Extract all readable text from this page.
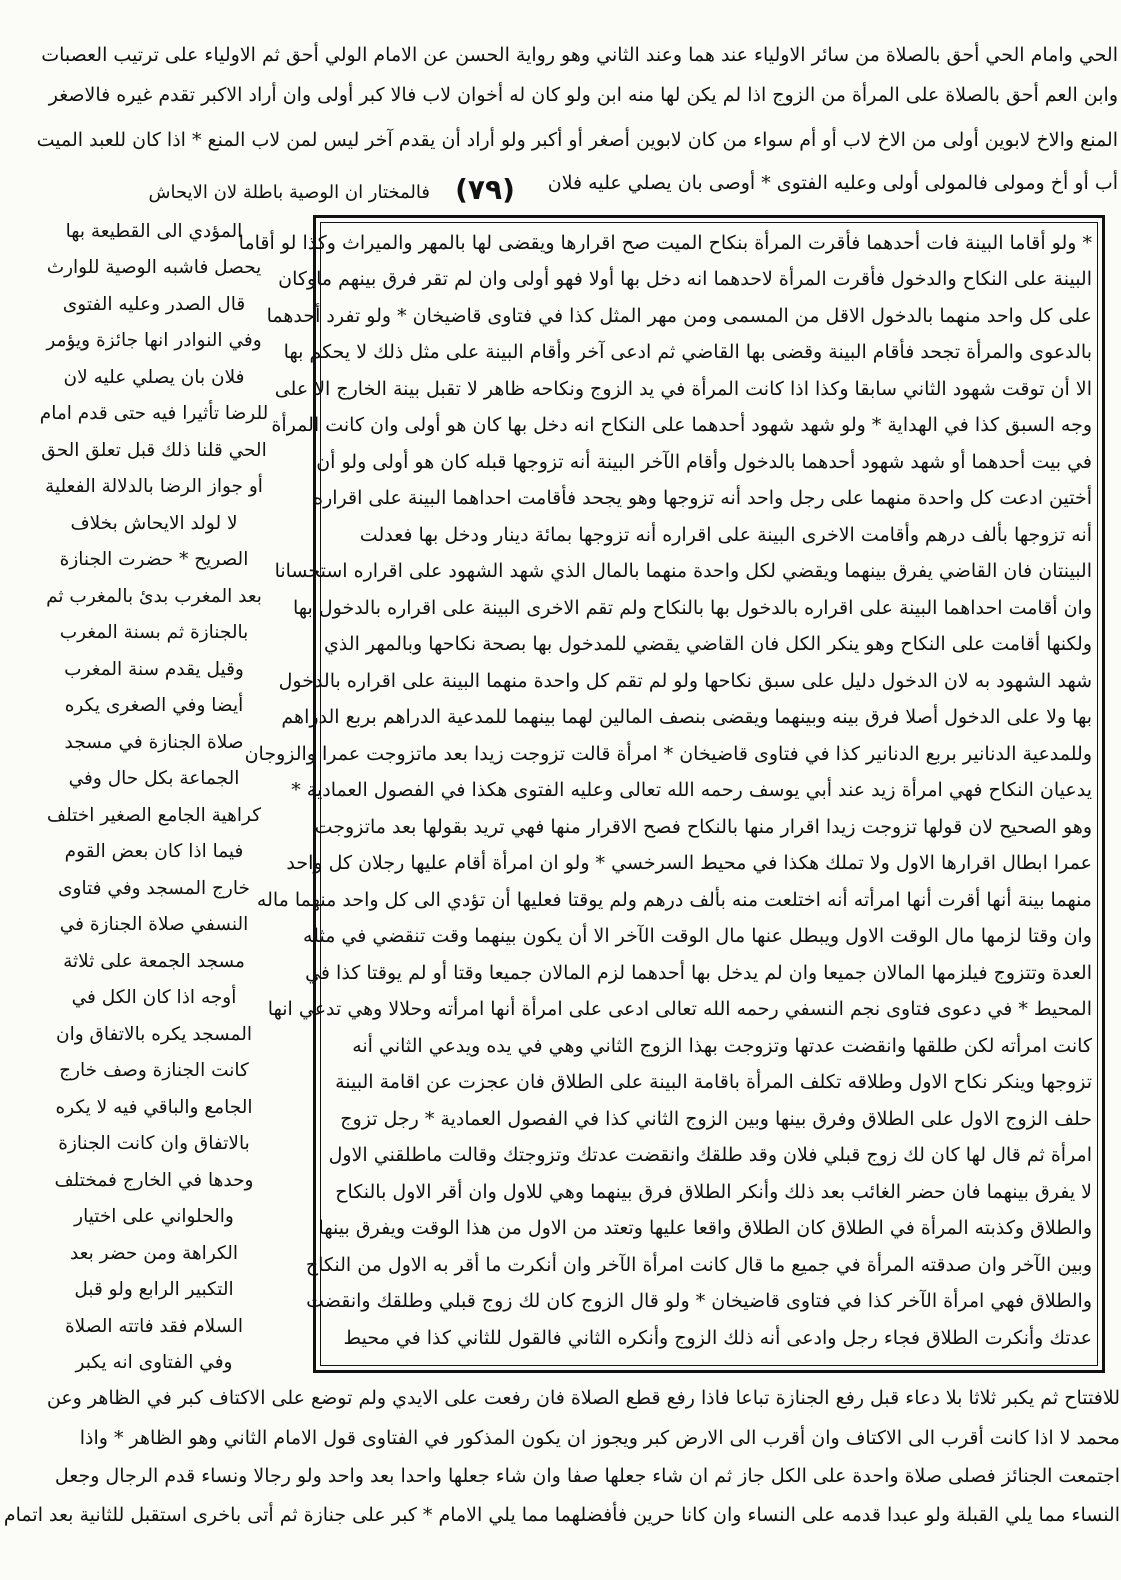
الحي وامام الحي أحق بالصلاة من سائر الاولياء عند هما وعند الثاني وهو رواية الحسن عن الامام الولي أحق ثم الاولياء على ترتيب العصبات
وابن العم أحق بالصلاة على المرأة من الزوج اذا لم يكن لها منه ابن ولو كان له أخوان لاب فالا كبر أولى وان أراد الاكبر تقدم غيره فالاصغر
المنع والاخ لابوين أولى من الاخ لاب أو أم سواء من كان لابوين أصغر أو أكبر ولو أراد أن يقدم آخر ليس لمن لاب المنع * اذا كان للعبد الميت
أب أو أخ ومولى فالمولى أولى وعليه الفتوى * أوصى بان يصلي عليه فلان
(٧٩)
فالمختار ان الوصية باطلة لان الايحاش
* ولو أقاما البينة فات أحدهما فأقرت المرأة بنكاح الميت صح اقرارها ويقضى لها بالمهر والميراث وكذا لو أقاما
البينة على النكاح والدخول فأقرت المرأة لاحدهما انه دخل بها أولا فهو أولى وان لم تقر فرق بينهم ماوكان
على كل واحد منهما بالدخول الاقل من المسمى ومن مهر المثل كذا في فتاوى قاضيخان * ولو تفرد أحدهما
بالدعوى والمرأة تجحد فأقام البينة وقضى بها القاضي ثم ادعى آخر وأقام البينة على مثل ذلك لا يحكم بها
الا أن توقت شهود الثاني سابقا وكذا اذا كانت المرأة في يد الزوج ونكاحه ظاهر لا تقبل بينة الخارج الا على
وجه السبق كذا في الهداية * ولو شهد شهود أحدهما على النكاح انه دخل بها كان هو أولى وان كانت المرأة
في بيت أحدهما أو شهد شهود أحدهما بالدخول وأقام الآخر البينة أنه تزوجها قبله كان هو أولى ولو أن
أختين ادعت كل واحدة منهما على رجل واحد أنه تزوجها وهو يجحد فأقامت احداهما البينة على اقراره
أنه تزوجها بألف درهم وأقامت الاخرى البينة على اقراره أنه تزوجها بمائة دينار ودخل بها فعدلت
البينتان فان القاضي يفرق بينهما ويقضي لكل واحدة منهما بالمال الذي شهد الشهود على اقراره استحسانا
وان أقامت احداهما البينة على اقراره بالدخول بها بالنكاح ولم تقم الاخرى البينة على اقراره بالدخول بها
ولكنها أقامت على النكاح وهو ينكر الكل فان القاضي يقضي للمدخول بها بصحة نكاحها وبالمهر الذي
شهد الشهود به لان الدخول دليل على سبق نكاحها ولو لم تقم كل واحدة منهما البينة على اقراره بالدخول
بها ولا على الدخول أصلا فرق بينه وبينهما ويقضى بنصف المالين لهما بينهما للمدعية الدراهم بربع الدراهم
وللمدعية الدنانير بربع الدنانير كذا في فتاوى قاضيخان * امرأة قالت تزوجت زيدا بعد ماتزوجت عمرا والزوجان
يدعيان النكاح فهي امرأة زيد عند أبي يوسف رحمه الله تعالى وعليه الفتوى هكذا في الفصول العمادية *
وهو الصحيح لان قولها تزوجت زيدا اقرار منها بالنكاح فصح الاقرار منها فهي تريد بقولها بعد ماتزوجت
عمرا ابطال اقرارها الاول ولا تملك هكذا في محيط السرخسي * ولو ان امرأة أقام عليها رجلان كل واحد
منهما بينة أنها أقرت أنها امرأته أنه اختلعت منه بألف درهم ولم يوقتا فعليها أن تؤدي الى كل واحد منهما ماله
وان وقتا لزمها مال الوقت الاول ويبطل عنها مال الوقت الآخر الا أن يكون بينهما وقت تنقضي في مثله
العدة وتتزوج فيلزمها المالان جميعا وان لم يدخل بها أحدهما لزم المالان جميعا وقتا أو لم يوقتا كذا في
المحيط * في دعوى فتاوى نجم النسفي رحمه الله تعالى ادعى على امرأة أنها امرأته وحلالا وهي تدعي انها
كانت امرأته لكن طلقها وانقضت عدتها وتزوجت بهذا الزوج الثاني وهي في يده ويدعي الثاني أنه
تزوجها وينكر نكاح الاول وطلاقه تكلف المرأة باقامة البينة على الطلاق فان عجزت عن اقامة البينة
حلف الزوج الاول على الطلاق وفرق بينها وبين الزوج الثاني كذا في الفصول العمادية * رجل تزوج
امرأة ثم قال لها كان لك زوج قبلي فلان وقد طلقك وانقضت عدتك وتزوجتك وقالت ماطلقني الاول
لا يفرق بينهما فان حضر الغائب بعد ذلك وأنكر الطلاق فرق بينهما وهي للاول وان أقر الاول بالنكاح
والطلاق وكذبته المرأة في الطلاق كان الطلاق واقعا عليها وتعتد من الاول من هذا الوقت ويفرق بينها
وبين الآخر وان صدقته المرأة في جميع ما قال كانت امرأة الآخر وان أنكرت ما أقر به الاول من النكاح
والطلاق فهي امرأة الآخر كذا في فتاوى قاضيخان * ولو قال الزوج كان لك زوج قبلي وطلقك وانقضت
عدتك وأنكرت الطلاق فجاء رجل وادعى أنه ذلك الزوج وأنكره الثاني فالقول للثاني كذا في محيط
المؤدي الى القطيعة بها
يحصل فاشبه الوصية للوارث
قال الصدر وعليه الفتوى
وفي النوادر انها جائزة ويؤمر
فلان بان يصلي عليه لان
للرضا تأثيرا فيه حتى قدم امام
الحي قلنا ذلك قبل تعلق الحق
أو جواز الرضا بالدلالة الفعلية
لا لولد الايحاش بخلاف
الصريح * حضرت الجنازة
بعد المغرب بدئ بالمغرب ثم
بالجنازة ثم بسنة المغرب
وقيل يقدم سنة المغرب
أيضا وفي الصغرى يكره
صلاة الجنازة في مسجد
الجماعة بكل حال وفي
كراهية الجامع الصغير اختلف
فيما اذا كان بعض القوم
خارج المسجد وفي فتاوى
النسفي صلاة الجنازة في
مسجد الجمعة على ثلاثة
أوجه اذا كان الكل في
المسجد يكره بالاتفاق وان
كانت الجنازة وصف خارج
الجامع والباقي فيه لا يكره
بالاتفاق وان كانت الجنازة
وحدها في الخارج فمختلف
والحلواني على اختيار
الكراهة ومن حضر بعد
التكبير الرابع ولو قبل
السلام فقد فاتته الصلاة
وفي الفتاوى انه يكبر
للافتتاح ثم يكبر ثلاثا بلا دعاء قبل رفع الجنازة تباعا فاذا رفع قطع الصلاة فان رفعت على الايدي ولم توضع على الاكتاف كبر في الظاهر وعن
محمد لا اذا كانت أقرب الى الاكتاف وان أقرب الى الارض كبر ويجوز ان يكون المذكور في الفتاوى قول الامام الثاني وهو الظاهر * واذا
اجتمعت الجنائز فصلى صلاة واحدة على الكل جاز ثم ان شاء جعلها صفا وان شاء جعلها واحدا بعد واحد ولو رجالا ونساء قدم الرجال وجعل
النساء مما يلي القبلة ولو عبدا قدمه على النساء وان كانا حرين فأفضلهما مما يلي الامام * كبر على جنازة ثم أتى باخرى استقبل للثانية بعد اتمام
